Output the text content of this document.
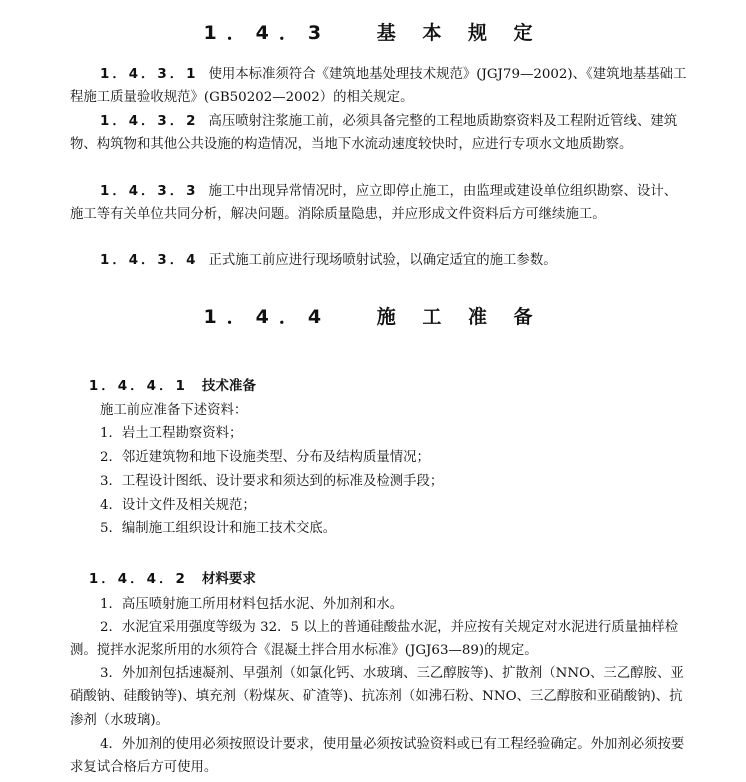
1．4．3　 基 本 规 定
1．4．3．1 使用本标准须符合《建筑地基处理技术规范》(JGJ79—2002)、《建筑地基基础工程施工质量验收规范》(GB50202—2002）的相关规定。
1．4．3．2 高压喷射注浆施工前，必须具备完整的工程地质勘察资料及工程附近管线、建筑物、构筑物和其他公共设施的构造情况，当地下水流动速度较快时，应进行专项水文地质勘察。
1．4．3．3 施工中出现异常情况时，应立即停止施工，由监理或建设单位组织勘察、设计、施工等有关单位共同分析，解决问题。消除质量隐患，并应形成文件资料后方可继续施工。
1．4．3．4 正式施工前应进行现场喷射试验，以确定适宜的施工参数。
1．4．4　 施 工 准 备

1．4．4．1 技术准备

施工前应准备下述资料：
1．岩土工程勘察资料；
2．邻近建筑物和地下设施类型、分布及结构质量情况；
3．工程设计图纸、设计要求和须达到的标准及检测手段；
4．设计文件及相关规范；
5．编制施工组织设计和施工技术交底。

1．4．4．2 材料要求

1．高压喷射施工所用材料包括水泥、外加剂和水。
2．水泥宜采用强度等级为 32．5 以上的普通硅酸盐水泥，并应按有关规定对水泥进行质量抽样检测。搅拌水泥浆所用的水须符合《混凝土拌合用水标准》(JGJ63—89)的规定。
3．外加剂包括速凝剂、早强剂（如氯化钙、水玻璃、三乙醇胺等)、扩散剂（NNO、三乙醇胺、亚硝酸钠、硅酸钠等)、填充剂（粉煤灰、矿渣等)、抗冻剂（如沸石粉、NNO、三乙醇胺和亚硝酸钠)、抗渗剂（水玻璃)。
4．外加剂的使用必须按照设计要求，使用量必须按试验资料或已有工程经验确定。外加剂必须按要求复试合格后方可使用。
